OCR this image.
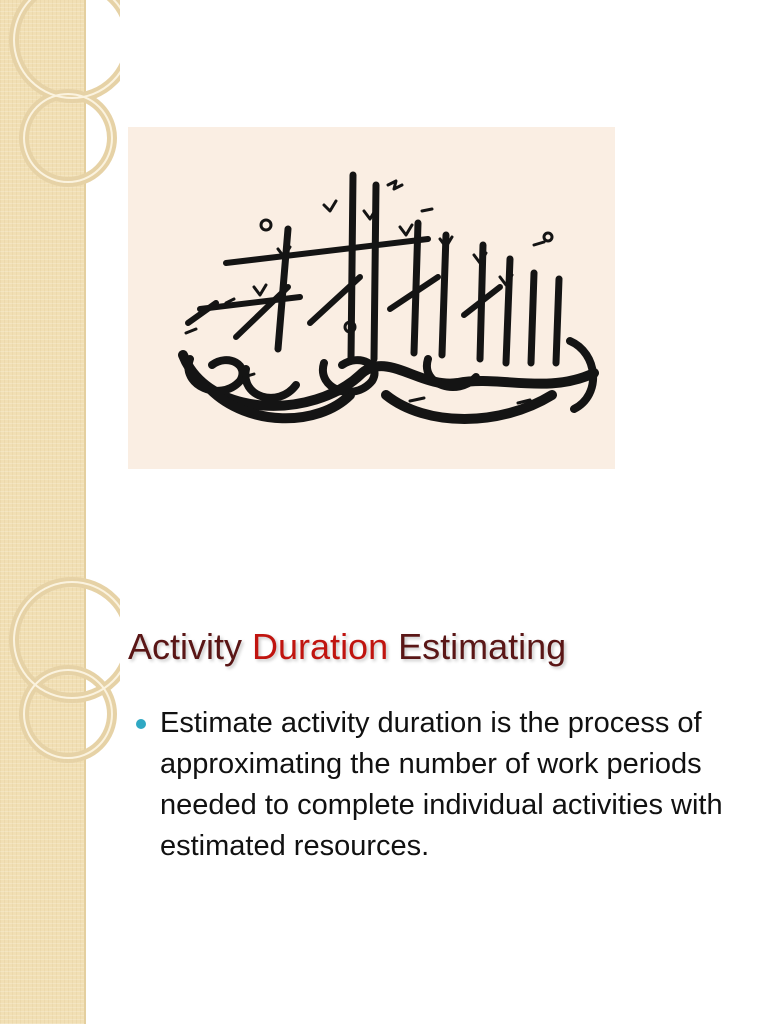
Activity Duration Estimating
Estimate activity duration is the process of approximating the number of work periods needed to complete individual activities with estimated resources.
